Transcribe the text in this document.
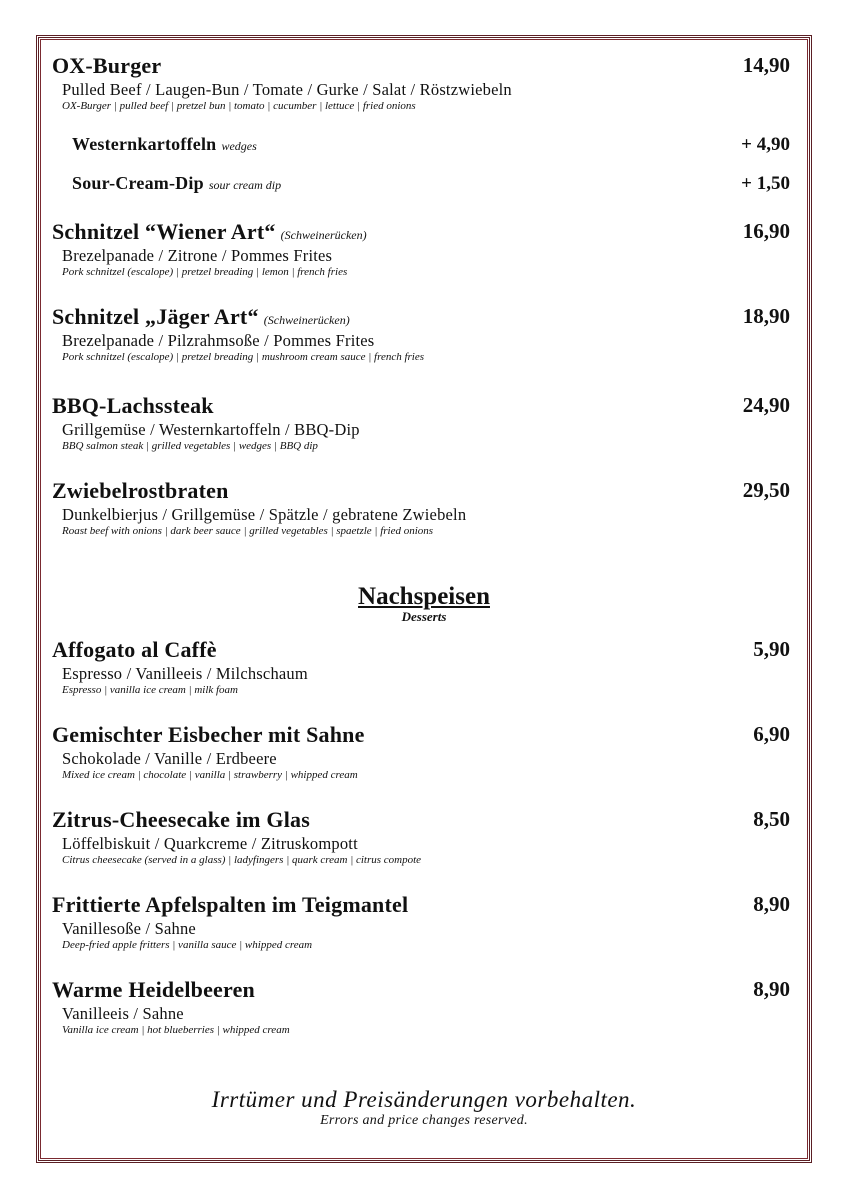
OX-Burger	14,90
Pulled Beef / Laugen-Bun / Tomate / Gurke / Salat / Röstzwiebeln
OX-Burger | pulled beef | pretzel bun | tomato | cucumber | lettuce | fried onions
Westernkartoffeln wedges	+ 4,90
Sour-Cream-Dip sour cream dip	+ 1,50
Schnitzel “Wiener Art“ (Schweinerücken)	16,90
Brezelpanade / Zitrone / Pommes Frites
Pork schnitzel (escalope) | pretzel breading | lemon | french fries
Schnitzel „Jäger Art“ (Schweinerücken)	18,90
Brezelpanade / Pilzrahmsoße / Pommes Frites
Pork schnitzel (escalope) | pretzel breading | mushroom cream sauce | french fries
BBQ-Lachssteak	24,90
Grillgemüse / Westernkartoffeln / BBQ-Dip
BBQ salmon steak | grilled vegetables | wedges | BBQ dip
Zwiebelrostbraten	29,50
Dunkelbierjus / Grillgemüse / Spätzle / gebratene Zwiebeln
Roast beef with onions | dark beer sauce | grilled vegetables | spaetzle | fried onions
Nachspeisen
Desserts
Affogato al Caffè	5,90
Espresso / Vanilleeis / Milchschaum
Espresso | vanilla ice cream | milk foam
Gemischter Eisbecher mit Sahne	6,90
Schokolade / Vanille / Erdbeere
Mixed ice cream | chocolate | vanilla | strawberry | whipped cream
Zitrus-Cheesecake im Glas	8,50
Löffelbiskuit / Quarkcreme / Zitruskompott
Citrus cheesecake (served in a glass) | ladyfingers | quark cream | citrus compote
Frittierte Apfelspalten im Teigmantel	8,90
Vanillesoße / Sahne
Deep-fried apple fritters | vanilla sauce | whipped cream
Warme Heidelbeeren	8,90
Vanilleeis / Sahne
Vanilla ice cream | hot blueberries | whipped cream
Irrtümer und Preisänderungen vorbehalten.
Errors and price changes reserved.
